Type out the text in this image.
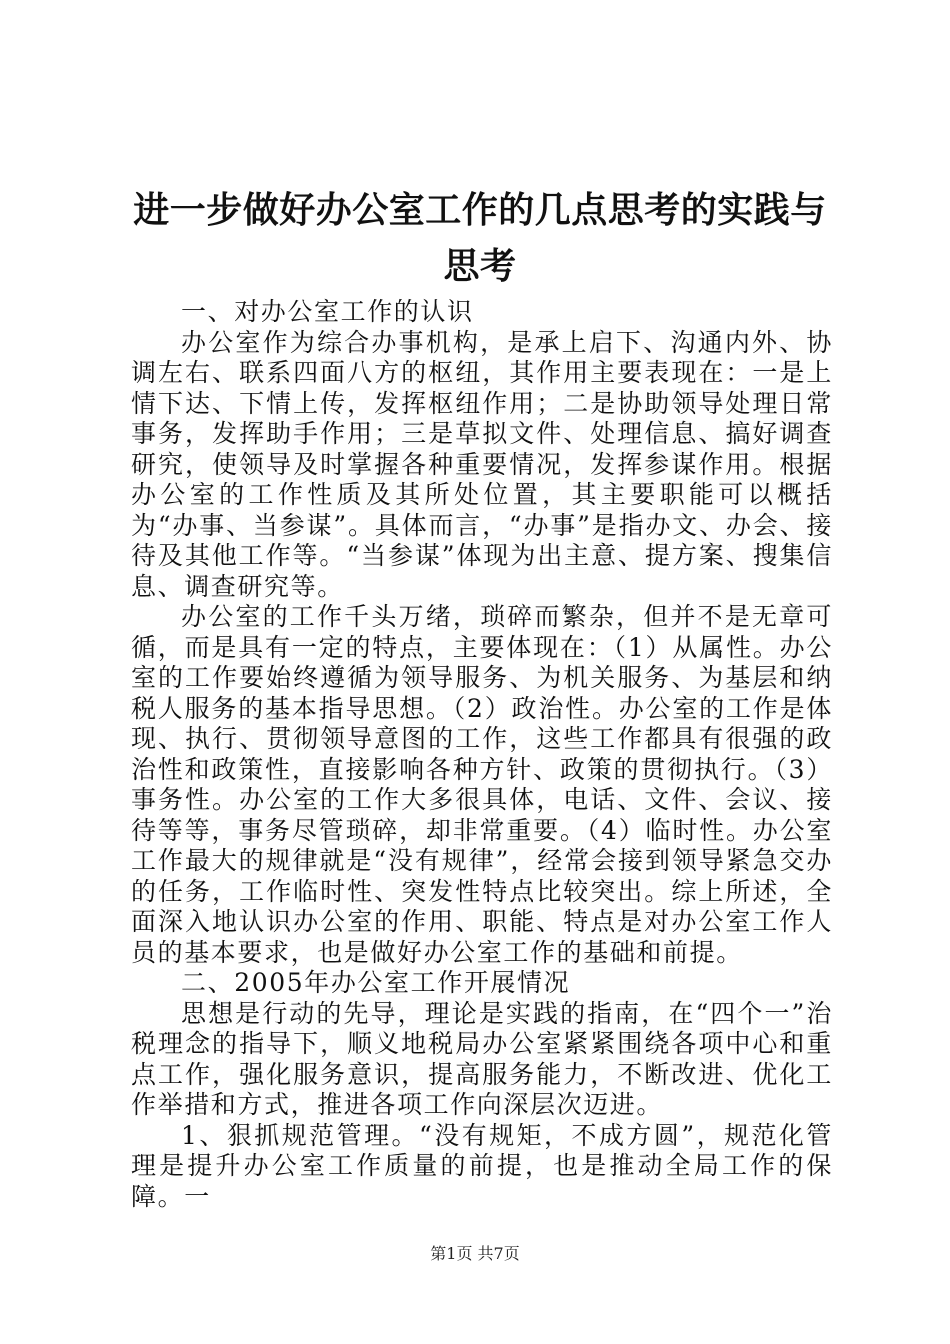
进一步做好办公室工作的几点思考的实践与思考

一、对办公室工作的认识

办公室作为综合办事机构，是承上启下、沟通内外、协调左右、联系四面八方的枢纽，其作用主要表现在：一是上情下达、下情上传，发挥枢纽作用；二是协助领导处理日常事务，发挥助手作用；三是草拟文件、处理信息、搞好调查研究，使领导及时掌握各种重要情况，发挥参谋作用。根据办公室的工作性质及其所处位置，其主要职能可以概括为“办事、当参谋”。具体而言，“办事”是指办文、办会、接待及其他工作等。“当参谋”体现为出主意、提方案、搜集信息、调查研究等。

办公室的工作千头万绪，琐碎而繁杂，但并不是无章可循，而是具有一定的特点，主要体现在：（1）从属性。办公室的工作要始终遵循为领导服务、为机关服务、为基层和纳税人服务的基本指导思想。（2）政治性。办公室的工作是体现、执行、贯彻领导意图的工作，这些工作都具有很强的政治性和政策性，直接影响各种方针、政策的贯彻执行。（3）事务性。办公室的工作大多很具体，电话、文件、会议、接待等等，事务尽管琐碎，却非常重要。（4）临时性。办公室工作最大的规律就是“没有规律”，经常会接到领导紧急交办的任务，工作临时性、突发性特点比较突出。综上所述，全面深入地认识办公室的作用、职能、特点是对办公室工作人员的基本要求，也是做好办公室工作的基础和前提。

二、2005年办公室工作开展情况

思想是行动的先导，理论是实践的指南，在“四个一”治税理念的指导下，顺义地税局办公室紧紧围绕各项中心和重点工作，强化服务意识，提高服务能力，不断改进、优化工作举措和方式，推进各项工作向深层次迈进。

1、狠抓规范管理。“没有规矩，不成方圆”，规范化管理是提升办公室工作质量的前提，也是推动全局工作的保障。一

第1页 共7页
